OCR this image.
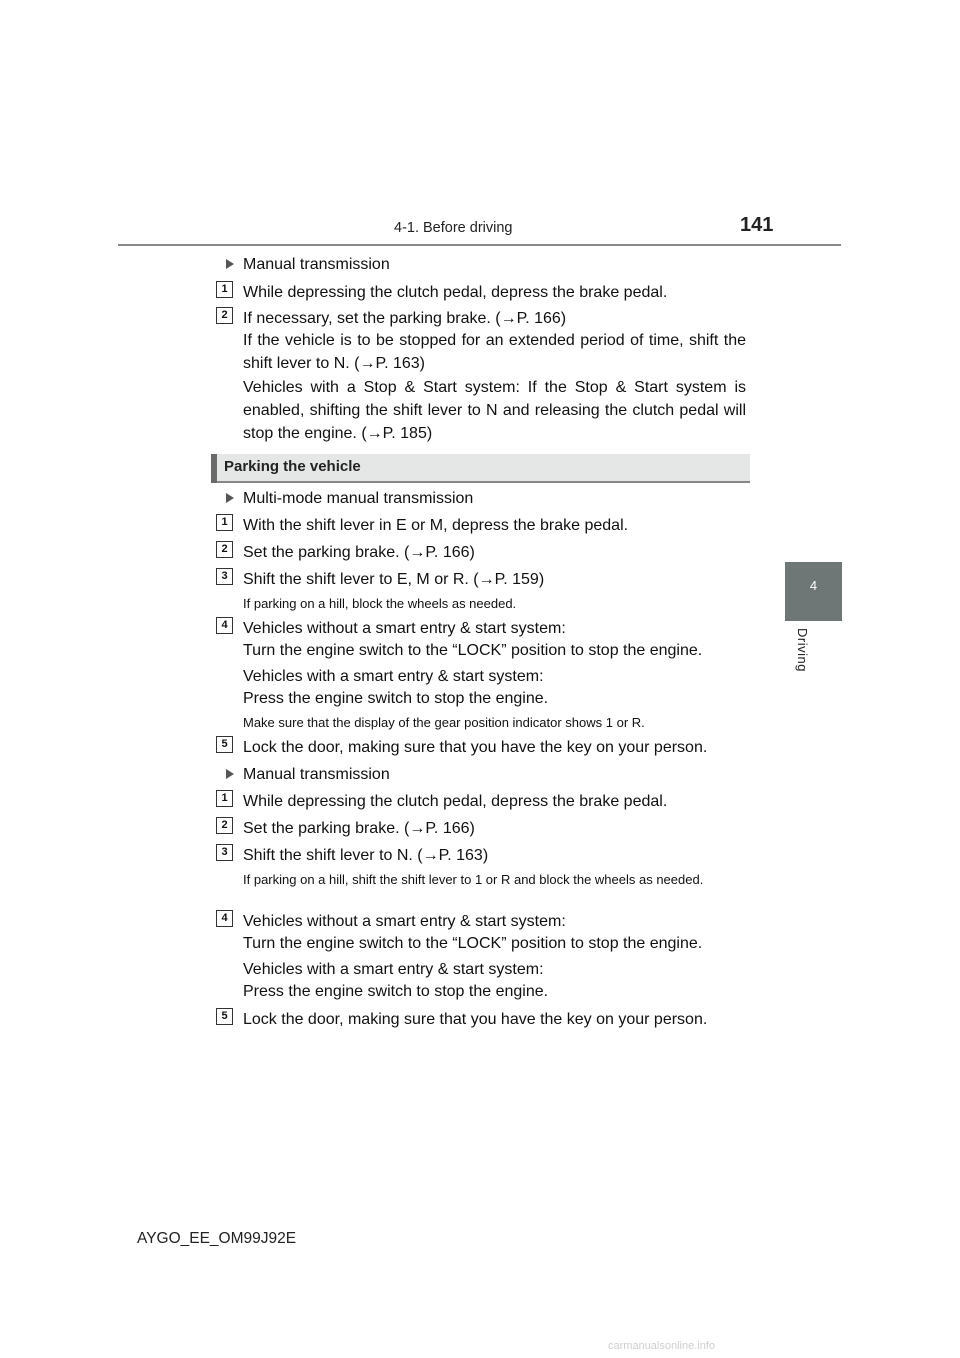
4-1. Before driving	141
4
Driving
Manual transmission
1 While depressing the clutch pedal, depress the brake pedal.
2 If necessary, set the parking brake. (→P. 166)
If the vehicle is to be stopped for an extended period of time, shift the shift lever to N. (→P. 163)
Vehicles with a Stop & Start system: If the Stop & Start system is enabled, shifting the shift lever to N and releasing the clutch pedal will stop the engine. (→P. 185)
Parking the vehicle
Multi-mode manual transmission
1 With the shift lever in E or M, depress the brake pedal.
2 Set the parking brake. (→P. 166)
3 Shift the shift lever to E, M or R. (→P. 159)
If parking on a hill, block the wheels as needed.
4 Vehicles without a smart entry & start system:
Turn the engine switch to the “LOCK” position to stop the engine.
Vehicles with a smart entry & start system:
Press the engine switch to stop the engine.
Make sure that the display of the gear position indicator shows 1 or R.
5 Lock the door, making sure that you have the key on your person.
Manual transmission
1 While depressing the clutch pedal, depress the brake pedal.
2 Set the parking brake. (→P. 166)
3 Shift the shift lever to N. (→P. 163)
If parking on a hill, shift the shift lever to 1 or R and block the wheels as needed.
4 Vehicles without a smart entry & start system:
Turn the engine switch to the “LOCK” position to stop the engine.
Vehicles with a smart entry & start system:
Press the engine switch to stop the engine.
5 Lock the door, making sure that you have the key on your person.
AYGO_EE_OM99J92E
carmanualsonline.info
